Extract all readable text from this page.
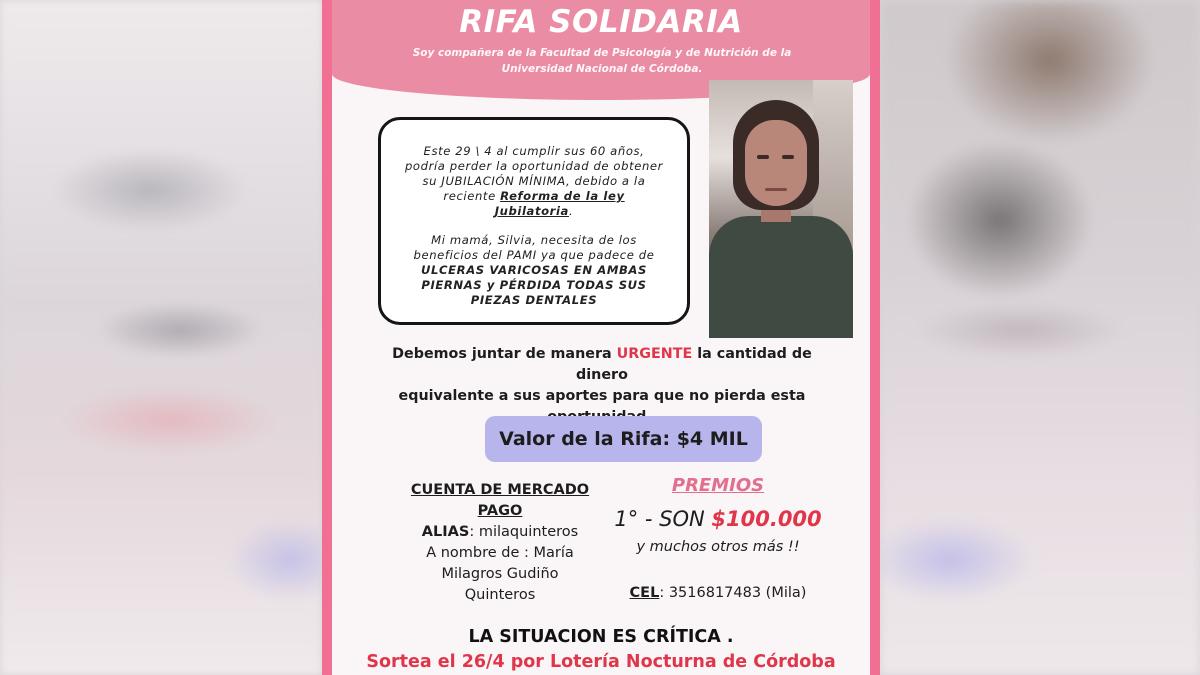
RIFA SOLIDARIA
Soy compañera de la Facultad de Psicología y de Nutrición de la
Universidad Nacional de Córdoba.

Este 29 \ 4 al cumplir sus 60 años,

podría perder la oportunidad de obtener

su JUBILACIÓN MÍNIMA, debido a la

reciente Reforma de la ley

Jubilatoria.

Mi mamá, Silvia, necesita de los

beneficios del PAMI ya que padece de

ULCERAS VARICOSAS EN AMBAS

PIERNAS y PÉRDIDA TODAS SUS

PIEZAS DENTALES

Debemos juntar de manera URGENTE la cantidad de dinero
equivalente a sus aportes para que no pierda esta
Valor de la Rifa: $4 MIL
CUENTA DE MERCADO
PAGO
ALIAS: milaquinteros
A nombre de : María
Milagros Gudiño
Quinteros
PREMIOS
1° - SON $100.000
y muchos otros más !!
CEL: 3516817483 (Mila)
LA SITUACION ES CRÍTICA .
Sortea el 26/4 por Lotería Nocturna de Córdoba
